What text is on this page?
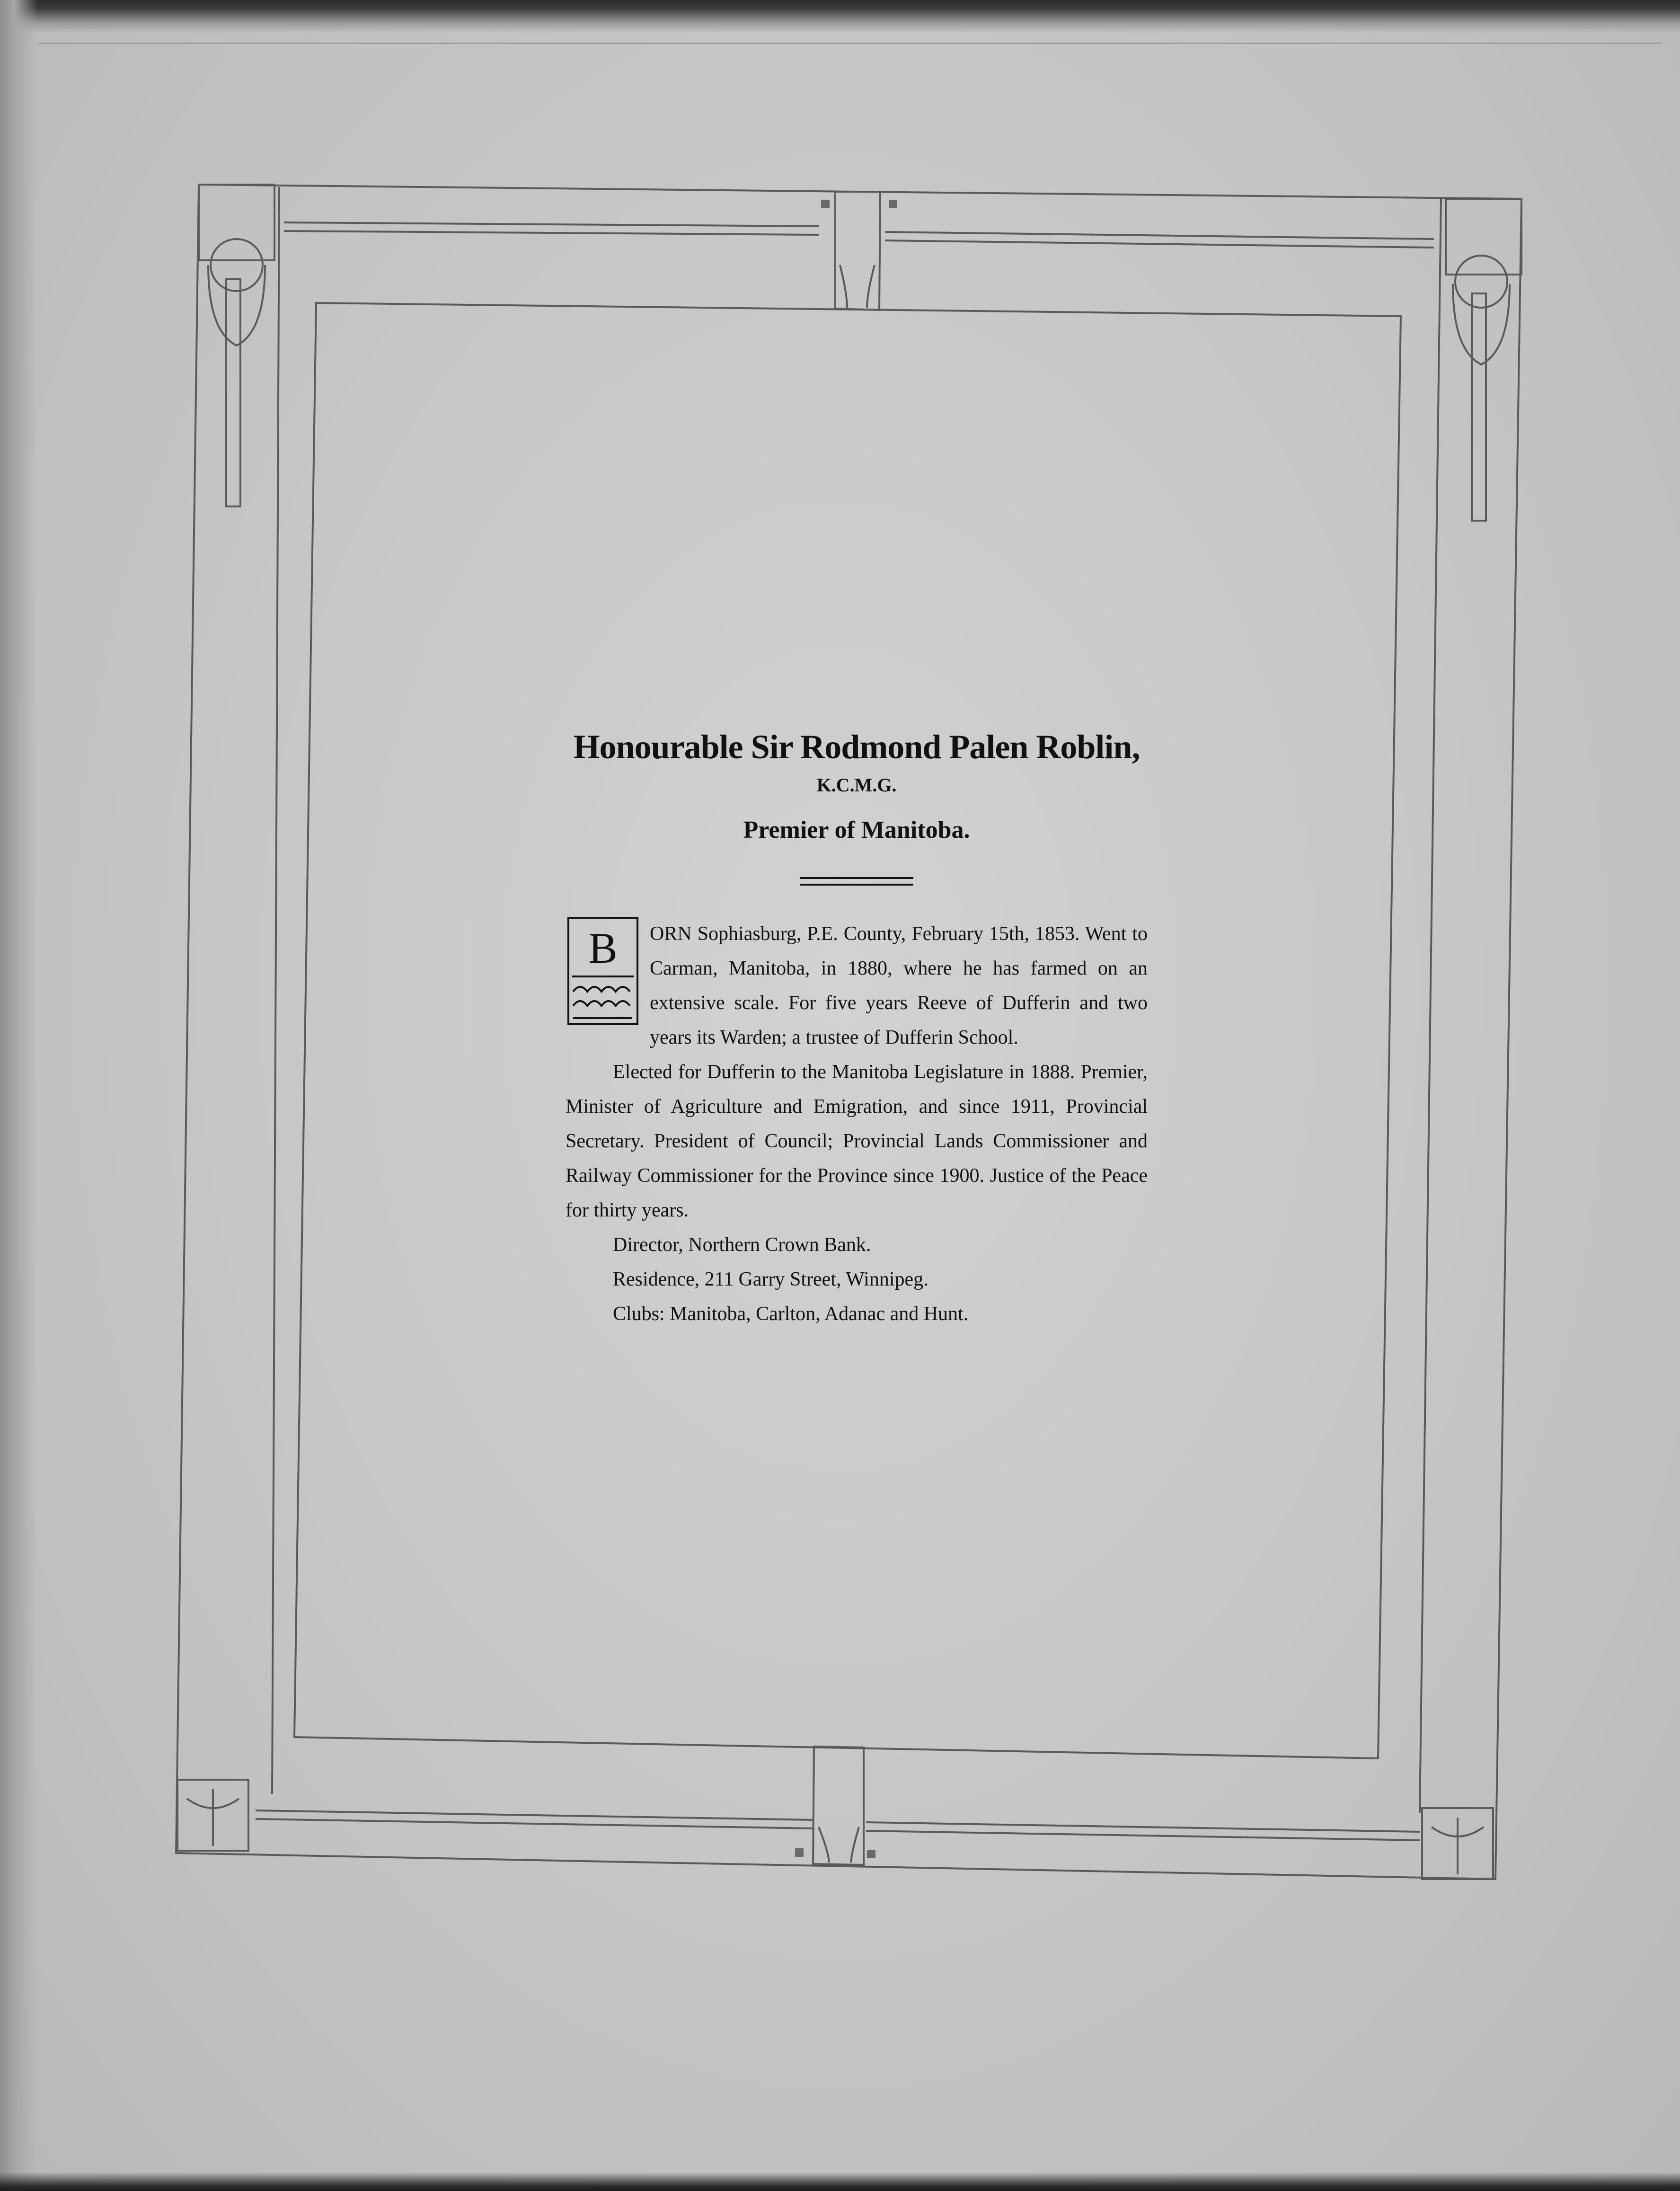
Honourable Sir Rodmond Palen Roblin,
K.C.M.G.
Premier of Manitoba.
B	ORN Sophiasburg, P.E. County, February 15th, 1853. Went to Carman, Manitoba, in 1880, where he has farmed on an extensive scale. For five years Reeve of Dufferin and two years its Warden; a trustee of Dufferin School.

Elected for Dufferin to the Manitoba Legislature in 1888. Premier, Minister of Agriculture and Emigration, and since 1911, Provincial Secretary. President of Council; Provincial Lands Commissioner and Railway Commissioner for the Province since 1900. Justice of the Peace for thirty years.

Director, Northern Crown Bank.

Residence, 211 Garry Street, Winnipeg.

Clubs: Manitoba, Carlton, Adanac and Hunt.
